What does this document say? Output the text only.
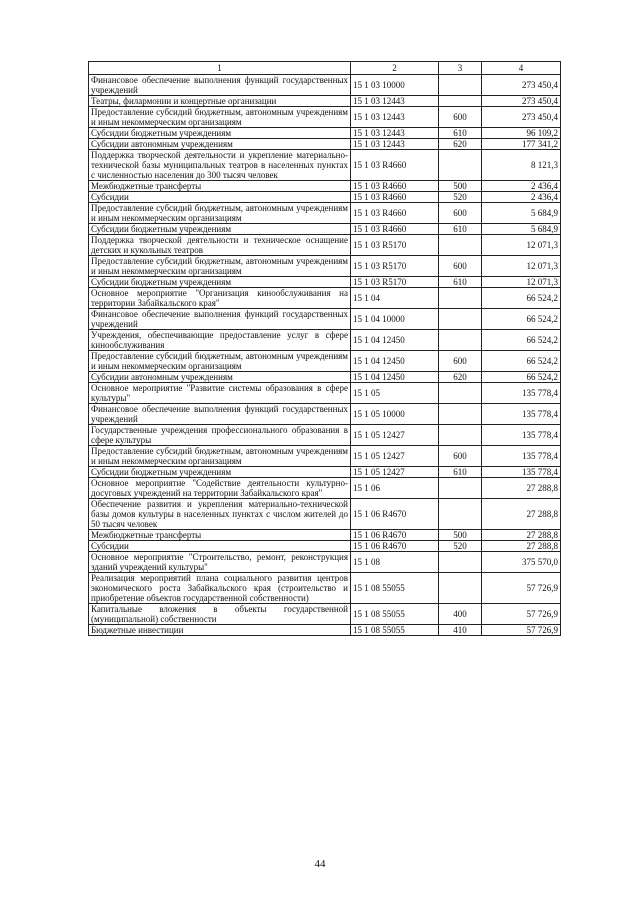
1	2	3	4
Финансовое обеспечение выполнения функций государственных учреждений	15 1 03 10000		273 450,4
Театры, филармонии и концертные организации	15 1 03 12443		273 450,4
Предоставление субсидий бюджетным, автономным учреждениям и иным некоммерческим организациям	15 1 03 12443	600	273 450,4
Субсидии бюджетным учреждениям	15 1 03 12443	610	96 109,2
Субсидии автономным учреждениям	15 1 03 12443	620	177 341,2
Поддержка творческой деятельности и укрепление материально-технической базы муниципальных театров в населенных пунктах с численностью населения до 300 тысяч человек	15 1 03 R4660		8 121,3
Межбюджетные трансферты	15 1 03 R4660	500	2 436,4
Субсидии	15 1 03 R4660	520	2 436,4
Предоставление субсидий бюджетным, автономным учреждениям и иным некоммерческим организациям	15 1 03 R4660	600	5 684,9
Субсидии бюджетным учреждениям	15 1 03 R4660	610	5 684,9
Поддержка творческой деятельности и техническое оснащение детских и кукольных театров	15 1 03 R5170		12 071,3
Предоставление субсидий бюджетным, автономным учреждениям и иным некоммерческим организациям	15 1 03 R5170	600	12 071,3
Субсидии бюджетным учреждениям	15 1 03 R5170	610	12 071,3
Основное мероприятие "Организация кинообслуживания на территории Забайкальского края"	15 1 04		66 524,2
Финансовое обеспечение выполнения функций государственных учреждений	15 1 04 10000		66 524,2
Учреждения, обеспечивающие предоставление услуг в сфере кинообслуживания	15 1 04 12450		66 524,2
Предоставление субсидий бюджетным, автономным учреждениям и иным некоммерческим организациям	15 1 04 12450	600	66 524,2
Субсидии автономным учреждениям	15 1 04 12450	620	66 524,2
Основное мероприятие "Развитие системы образования в сфере культуры"	15 1 05		135 778,4
Финансовое обеспечение выполнения функций государственных учреждений	15 1 05 10000		135 778,4
Государственные учреждения профессионального образования в сфере культуры	15 1 05 12427		135 778,4
Предоставление субсидий бюджетным, автономным учреждениям и иным некоммерческим организациям	15 1 05 12427	600	135 778,4
Субсидии бюджетным учреждениям	15 1 05 12427	610	135 778,4
Основное мероприятие "Содействие деятельности культурно-досуговых учреждений на территории Забайкальского края"	15 1 06		27 288,8
Обеспечение развития и укрепления материально-технической базы домов культуры в населенных пунктах с числом жителей до 50 тысяч человек	15 1 06 R4670		27 288,8
Межбюджетные трансферты	15 1 06 R4670	500	27 288,8
Субсидии	15 1 06 R4670	520	27 288,8
Основное мероприятие "Строительство, ремонт, реконструкция зданий учреждений культуры"	15 1 08		375 570,0
Реализация мероприятий плана социального развития центров экономического роста Забайкальского края (строительство и приобретение объектов государственной собственности)	15 1 08 55055		57 726,9
Капитальные вложения в объекты государственной (муниципальной) собственности	15 1 08 55055	400	57 726,9
Бюджетные инвестиции	15 1 08 55055	410	57 726,9
44
